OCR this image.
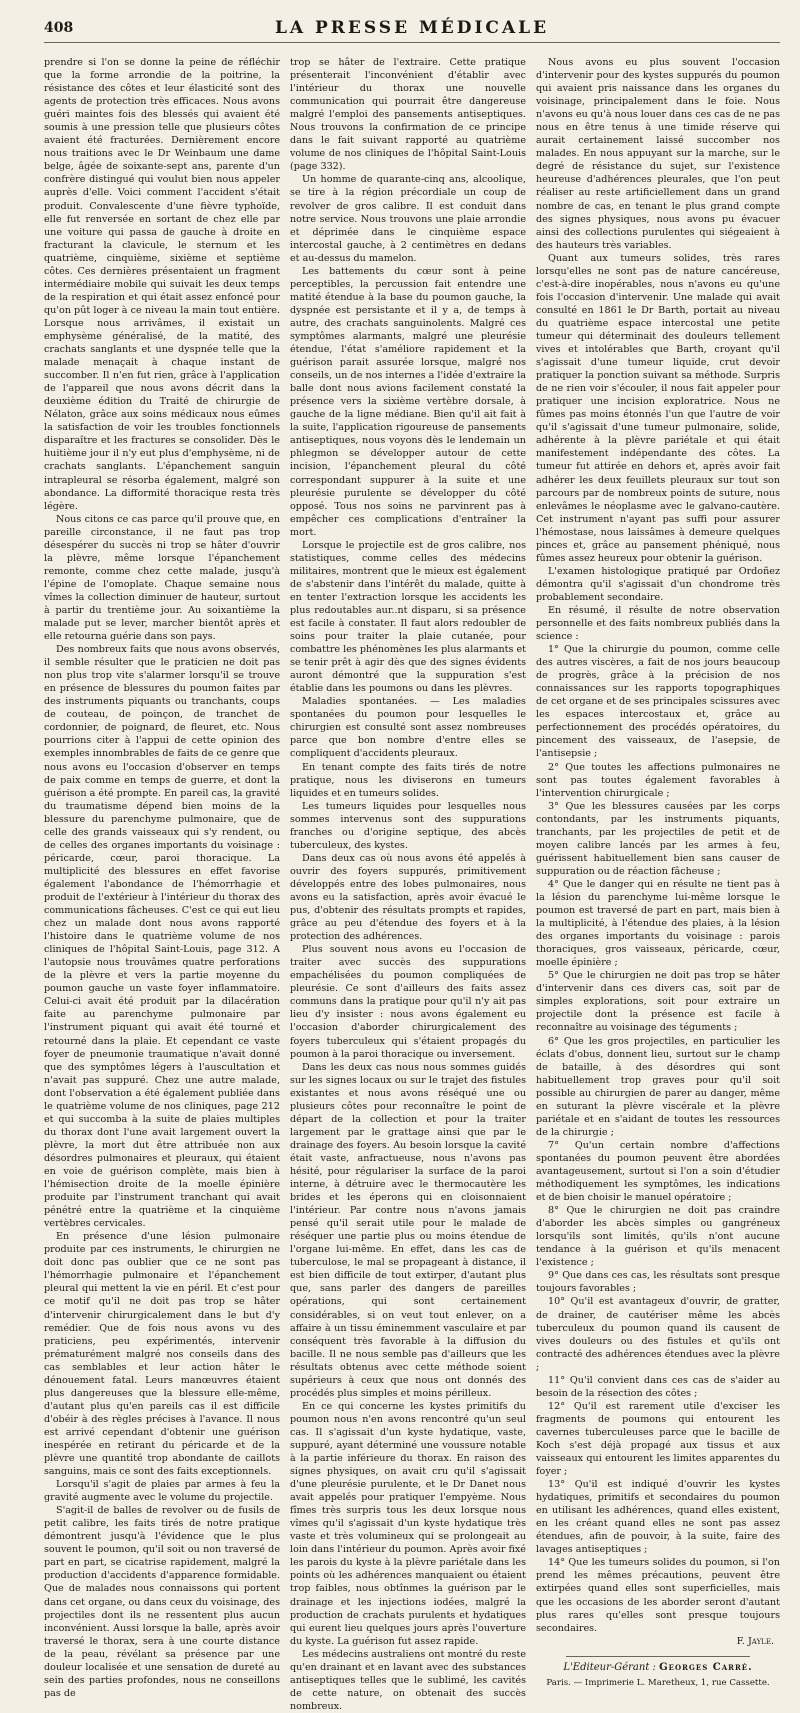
408	LA PRESSE MÉDICALE

prendre si l'on se donne la peine de réfléchir que la forme arrondie de la poitrine, la résistance des côtes et leur élasticité sont des agents de protection très efficaces. Nous avons guéri maintes fois des blessés qui avaient été soumis à une pression telle que plusieurs côtes avaient été fracturées. Dernièrement encore nous traitions avec le Dr Weinbaum une dame belge, âgée de soixante-sept ans, parente d'un confrère distingué qui voulut bien nous appeler auprès d'elle. Voici comment l'accident s'était produit. Convalescente d'une fièvre typhoïde, elle fut renversée en sortant de chez elle par une voiture qui passa de gauche à droite en fracturant la clavicule, le sternum et les quatrième, cinquième, sixième et septième côtes. Ces dernières présentaient un fragment intermédiaire mobile qui suivait les deux temps de la respiration et qui était assez enfoncé pour qu'on pût loger à ce niveau la main tout entière. Lorsque nous arrivâmes, il existait un emphysème généralisé, de la matité, des crachats sanglants et une dyspnée telle que la malade menaçait à chaque instant de succomber. Il n'en fut rien, grâce à l'application de l'appareil que nous avons décrit dans la deuxième édition du Traité de chirurgie de Nélaton, grâce aux soins médicaux nous eûmes la satisfaction de voir les troubles fonctionnels disparaître et les fractures se consolider. Dès le huitième jour il n'y eut plus d'emphysème, ni de crachats sanglants. L'épanchement sanguin intrapleural se résorba également, malgré son abondance. La difformité thoracique resta très légère.

Nous citons ce cas parce qu'il prouve que, en pareille circonstance, il ne faut pas trop désespérer du succès ni trop se hâter d'ouvrir la plèvre, même lorsque l'épanchement remonte, comme chez cette malade, jusqu'à l'épine de l'omoplate. Chaque semaine nous vîmes la collection diminuer de hauteur, surtout à partir du trentième jour. Au soixantième la malade put se lever, marcher bientôt après et elle retourna guérie dans son pays.

Des nombreux faits que nous avons observés, il semble résulter que le praticien ne doit pas non plus trop vite s'alarmer lorsqu'il se trouve en présence de blessures du poumon faites par des instruments piquants ou tranchants, coups de couteau, de poinçon, de tranchet de cordonnier, de poignard, de fleuret, etc. Nous pourrions citer à l'appui de cette opinion des exemples innombrables de faits de ce genre que nous avons eu l'occasion d'observer en temps de paix comme en temps de guerre, et dont la guérison a été prompte. En pareil cas, la gravité du traumatisme dépend bien moins de la blessure du parenchyme pulmonaire, que de celle des grands vaisseaux qui s'y rendent, ou de celles des organes importants du voisinage : péricarde, cœur, paroi thoracique. La multiplicité des blessures en effet favorise également l'abondance de l'hémorrhagie et produit de l'extérieur à l'intérieur du thorax des communications fâcheuses. C'est ce qui eut lieu chez un malade dont nous avons rapporté l'histoire dans le quatrième volume de nos cliniques de l'hôpital Saint-Louis, page 312. A l'autopsie nous trouvâmes quatre perforations de la plèvre et vers la partie moyenne du poumon gauche un vaste foyer inflammatoire. Celui-ci avait été produit par la dilacération faite au parenchyme pulmonaire par l'instrument piquant qui avait été tourné et retourné dans la plaie. Et cependant ce vaste foyer de pneumonie traumatique n'avait donné que des symptômes légers à l'auscultation et n'avait pas suppuré. Chez une autre malade, dont l'observation a été également publiée dans le quatrième volume de nos cliniques, page 212 et qui succomba à la suite de plaies multiples du thorax dont l'une avait largement ouvert la plèvre, la mort dut être attribuée non aux désordres pulmonaires et pleuraux, qui étaient en voie de guérison complète, mais bien à l'hémisection droite de la moelle épinière produite par l'instrument tranchant qui avait pénétré entre la quatrième et la cinquième vertèbres cervicales.

En présence d'une lésion pulmonaire produite par ces instruments, le chirurgien ne doit donc pas oublier que ce ne sont pas l'hémorrhagie pulmonaire et l'épanchement pleural qui mettent la vie en péril. Et c'est pour ce motif qu'il ne doit pas trop se hâter d'intervenir chirurgicalement dans le but d'y remédier. Que de fois nous avons vu des praticiens, peu expérimentés, intervenir prématurément malgré nos conseils dans des cas semblables et leur action hâter le dénouement fatal. Leurs manœuvres étaient plus dangereuses que la blessure elle-même, d'autant plus qu'en pareils cas il est difficile d'obéir à des règles précises à l'avance. Il nous est arrivé cependant d'obtenir une guérison inespérée en retirant du péricarde et de la plèvre une quantité trop abondante de caillots sanguins, mais ce sont des faits exceptionnels.

Lorsqu'il s'agit de plaies par armes à feu la gravité augmente avec le volume du projectile.

S'agit-il de balles de revolver ou de fusils de petit calibre, les faits tirés de notre pratique démontrent jusqu'à l'évidence que le plus souvent le poumon, qu'il soit ou non traversé de part en part, se cicatrise rapidement, malgré la production d'accidents d'apparence formidable. Que de malades nous connaissons qui portent dans cet organe, ou dans ceux du voisinage, des projectiles dont ils ne ressentent plus aucun inconvénient. Aussi lorsque la balle, après avoir traversé le thorax, sera à une courte distance de la peau, révélant sa présence par une douleur localisée et une sensation de dureté au sein des parties profondes, nous ne conseillons pas de

trop se hâter de l'extraire. Cette pratique présenterait l'inconvénient d'établir avec l'intérieur du thorax une nouvelle communication qui pourrait être dangereuse malgré l'emploi des pansements antiseptiques. Nous trouvons la confirmation de ce principe dans le fait suivant rapporté au quatrième volume de nos cliniques de l'hôpital Saint-Louis (page 332).

Un homme de quarante-cinq ans, alcoolique, se tire à la région précordiale un coup de revolver de gros calibre. Il est conduit dans notre service. Nous trouvons une plaie arrondie et déprimée dans le cinquième espace intercostal gauche, à 2 centimètres en dedans et au-dessus du mamelon.

Les battements du cœur sont à peine perceptibles, la percussion fait entendre une matité étendue à la base du poumon gauche, la dyspnée est persistante et il y a, de temps à autre, des crachats sanguinolents. Malgré ces symptômes alarmants, malgré une pleurésie étendue, l'état s'améliore rapidement et la guérison parait assurée lorsque, malgré nos conseils, un de nos internes a l'idée d'extraire la balle dont nous avions facilement constaté la présence vers la sixième vertèbre dorsale, à gauche de la ligne médiane. Bien qu'il ait fait à la suite, l'application rigoureuse de pansements antiseptiques, nous voyons dès le lendemain un phlegmon se développer autour de cette incision, l'épanchement pleural du côté correspondant suppurer à la suite et une pleurésie purulente se développer du côté opposé. Tous nos soins ne parvinrent pas à empêcher ces complications d'entraîner la mort.

Lorsque le projectile est de gros calibre, nos statistiques, comme celles des médecins militaires, montrent que le mieux est également de s'abstenir dans l'intérêt du malade, quitte à en tenter l'extraction lorsque les accidents les plus redoutables aur..nt disparu, si sa présence est facile à constater. Il faut alors redoubler de soins pour traiter la plaie cutanée, pour combattre les phénomènes les plus alarmants et se tenir prêt à agir dès que des signes évidents auront démontré que la suppuration s'est établie dans les poumons ou dans les plèvres.

Maladies spontanées. — Les maladies spontanées du poumon pour lesquelles le chirurgien est consulté sont assez nombreuses parce que bon nombre d'entre elles se compliquent d'accidents pleuraux.

En tenant compte des faits tirés de notre pratique, nous les diviserons en tumeurs liquides et en tumeurs solides.

Les tumeurs liquides pour lesquelles nous sommes intervenus sont des suppurations franches ou d'origine septique, des abcès tuberculeux, des kystes.

Dans deux cas où nous avons été appelés à ouvrir des foyers suppurés, primitivement développés entre des lobes pulmonaires, nous avons eu la satisfaction, après avoir évacué le pus, d'obtenir des résultats prompts et rapides, grâce au peu d'étendue des foyers et à la protection des adhérences.

Plus souvent nous avons eu l'occasion de traiter avec succès des suppurations empachélisées du poumon compliquées de pleurésie. Ce sont d'ailleurs des faits assez communs dans la pratique pour qu'il n'y ait pas lieu d'y insister : nous avons également eu l'occasion d'aborder chirurgicalement des foyers tuberculeux qui s'étaient propagés du poumon à la paroi thoracique ou inversement.

Dans les deux cas nous nous sommes guidés sur les signes locaux ou sur le trajet des fistules existantes et nous avons réséqué une ou plusieurs côtes pour reconnaître le point de départ de la collection et pour la traiter largement par le grattage ainsi que par le drainage des foyers. Au besoin lorsque la cavité était vaste, anfractueuse, nous n'avons pas hésité, pour régulariser la surface de la paroi interne, à détruire avec le thermocautère les brides et les éperons qui en cloisonnaient l'intérieur. Par contre nous n'avons jamais pensé qu'il serait utile pour le malade de réséquer une partie plus ou moins étendue de l'organe lui-même. En effet, dans les cas de tuberculose, le mal se propageant à distance, il est bien difficile de tout extirper, d'autant plus que, sans parler des dangers de pareilles opérations, qui sont certainement considérables, si on veut tout enlever, on a affaire à un tissu éminemment vasculaire et par conséquent très favorable à la diffusion du bacille. Il ne nous semble pas d'ailleurs que les résultats obtenus avec cette méthode soient supérieurs à ceux que nous ont donnés des procédés plus simples et moins périlleux.

En ce qui concerne les kystes primitifs du poumon nous n'en avons rencontré qu'un seul cas. Il s'agissait d'un kyste hydatique, vaste, suppuré, ayant déterminé une voussure notable à la partie inférieure du thorax. En raison des signes physiques, on avait cru qu'il s'agissait d'une pleurésie purulente, et le Dr Danet nous avait appelés pour pratiquer l'empyème. Nous fîmes très surpris tous les deux lorsque nous vîmes qu'il s'agissait d'un kyste hydatique très vaste et très volumineux qui se prolongeait au loin dans l'intérieur du poumon. Après avoir fixé les parois du kyste à la plèvre pariétale dans les points où les adhérences manquaient ou étaient trop faibles, nous obtînmes la guérison par le drainage et les injections iodées, malgré la production de crachats purulents et hydatiques qui eurent lieu quelques jours après l'ouverture du kyste. La guérison fut assez rapide.

Les médecins australiens ont montré du reste qu'en drainant et en lavant avec des substances antiseptiques telles que le sublimé, les cavités de cette nature, on obtenait des succès nombreux.

Nous avons eu plus souvent l'occasion d'intervenir pour des kystes suppurés du poumon qui avaient pris naissance dans les organes du voisinage, principalement dans le foie. Nous n'avons eu qu'à nous louer dans ces cas de ne pas nous en être tenus à une timide réserve qui aurait certainement laissé succomber nos malades. En nous appuyant sur la marche, sur le degré de résistance du sujet, sur l'existence heureuse d'adhérences pleurales, que l'on peut réaliser au reste artificiellement dans un grand nombre de cas, en tenant le plus grand compte des signes physiques, nous avons pu évacuer ainsi des collections purulentes qui siégeaient à des hauteurs très variables.

Quant aux tumeurs solides, très rares lorsqu'elles ne sont pas de nature cancéreuse, c'est-à-dire inopérables, nous n'avons eu qu'une fois l'occasion d'intervenir. Une malade qui avait consulté en 1861 le Dr Barth, portait au niveau du quatrième espace intercostal une petite tumeur qui déterminait des douleurs tellement vives et intolérables que Barth, croyant qu'il s'agissait d'une tumeur liquide, crut devoir pratiquer la ponction suivant sa méthode. Surpris de ne rien voir s'écouler, il nous fait appeler pour pratiquer une incision exploratrice. Nous ne fûmes pas moins étonnés l'un que l'autre de voir qu'il s'agissait d'une tumeur pulmonaire, solide, adhérente à la plèvre pariétale et qui était manifestement indépendante des côtes. La tumeur fut attirée en dehors et, après avoir fait adhérer les deux feuillets pleuraux sur tout son parcours par de nombreux points de suture, nous enlevâmes le néoplasme avec le galvano-cautère. Cet instrument n'ayant pas suffi pour assurer l'hémostase, nous laissâmes à demeure quelques pinces et, grâce au pansement phéniqué, nous fûmes assez heureux pour obtenir la guérison.

L'examen histologique pratiqué par Ordoñez démontra qu'il s'agissait d'un chondrome très probablement secondaire.

En résumé, il résulte de notre observation personnelle et des faits nombreux publiés dans la science :

1° Que la chirurgie du poumon, comme celle des autres viscères, a fait de nos jours beaucoup de progrès, grâce à la précision de nos connaissances sur les rapports topographiques de cet organe et de ses principales scissures avec les espaces intercostaux et, grâce au perfectionnement des procédés opératoires, du pincement des vaisseaux, de l'asepsie, de l'antisepsie ;

2° Que toutes les affections pulmonaires ne sont pas toutes également favorables à l'intervention chirurgicale ;

3° Que les blessures causées par les corps contondants, par les instruments piquants, tranchants, par les projectiles de petit et de moyen calibre lancés par les armes à feu, guérissent habituellement bien sans causer de suppuration ou de réaction fâcheuse ;

4° Que le danger qui en résulte ne tient pas à la lésion du parenchyme lui-même lorsque le poumon est traversé de part en part, mais bien à la multiplicité, à l'étendue des plaies, à la lésion des organes importants du voisinage : parois thoraciques, gros vaisseaux, péricarde, cœur, moelle épinière ;

5° Que le chirurgien ne doit pas trop se hâter d'intervenir dans ces divers cas, soit par de simples explorations, soit pour extraire un projectile dont la présence est facile à reconnaître au voisinage des téguments ;

6° Que les gros projectiles, en particulier les éclats d'obus, donnent lieu, surtout sur le champ de bataille, à des désordres qui sont habituellement trop graves pour qu'il soit possible au chirurgien de parer au danger, même en suturant la plèvre viscérale et la plèvre pariétale et en s'aidant de toutes les ressources de la chirurgie ;

7° Qu'un certain nombre d'affections spontanées du poumon peuvent être abordées avantageusement, surtout si l'on a soin d'étudier méthodiquement les symptômes, les indications et de bien choisir le manuel opératoire ;

8° Que le chirurgien ne doit pas craindre d'aborder les abcès simples ou gangréneux lorsqu'ils sont limités, qu'ils n'ont aucune tendance à la guérison et qu'ils menacent l'existence ;

9° Que dans ces cas, les résultats sont presque toujours favorables ;

10° Qu'il est avantageux d'ouvrir, de gratter, de drainer, de cautériser même les abcès tuberculeux du poumon quand ils causent de vives douleurs ou des fistules et qu'ils ont contracté des adhérences étendues avec la plèvre ;

11° Qu'il convient dans ces cas de s'aider au besoin de la résection des côtes ;

12° Qu'il est rarement utile d'exciser les fragments de poumons qui entourent les cavernes tuberculeuses parce que le bacille de Koch s'est déjà propagé aux tissus et aux vaisseaux qui entourent les limites apparentes du foyer ;

13° Qu'il est indiqué d'ouvrir les kystes hydatiques, primitifs et secondaires du poumon en utilisant les adhérences, quand elles existent, en les créant quand elles ne sont pas assez étendues, afin de pouvoir, à la suite, faire des lavages antiseptiques ;

14° Que les tumeurs solides du poumon, si l'on prend les mêmes précautions, peuvent être extirpées quand elles sont superficielles, mais que les occasions de les aborder seront d'autant plus rares qu'elles sont presque toujours secondaires.

F. Jayle.
L'Editeur-Gérant : Georges Carré.
Paris. — Imprimerie L. Maretheux, 1, rue Cassette.
